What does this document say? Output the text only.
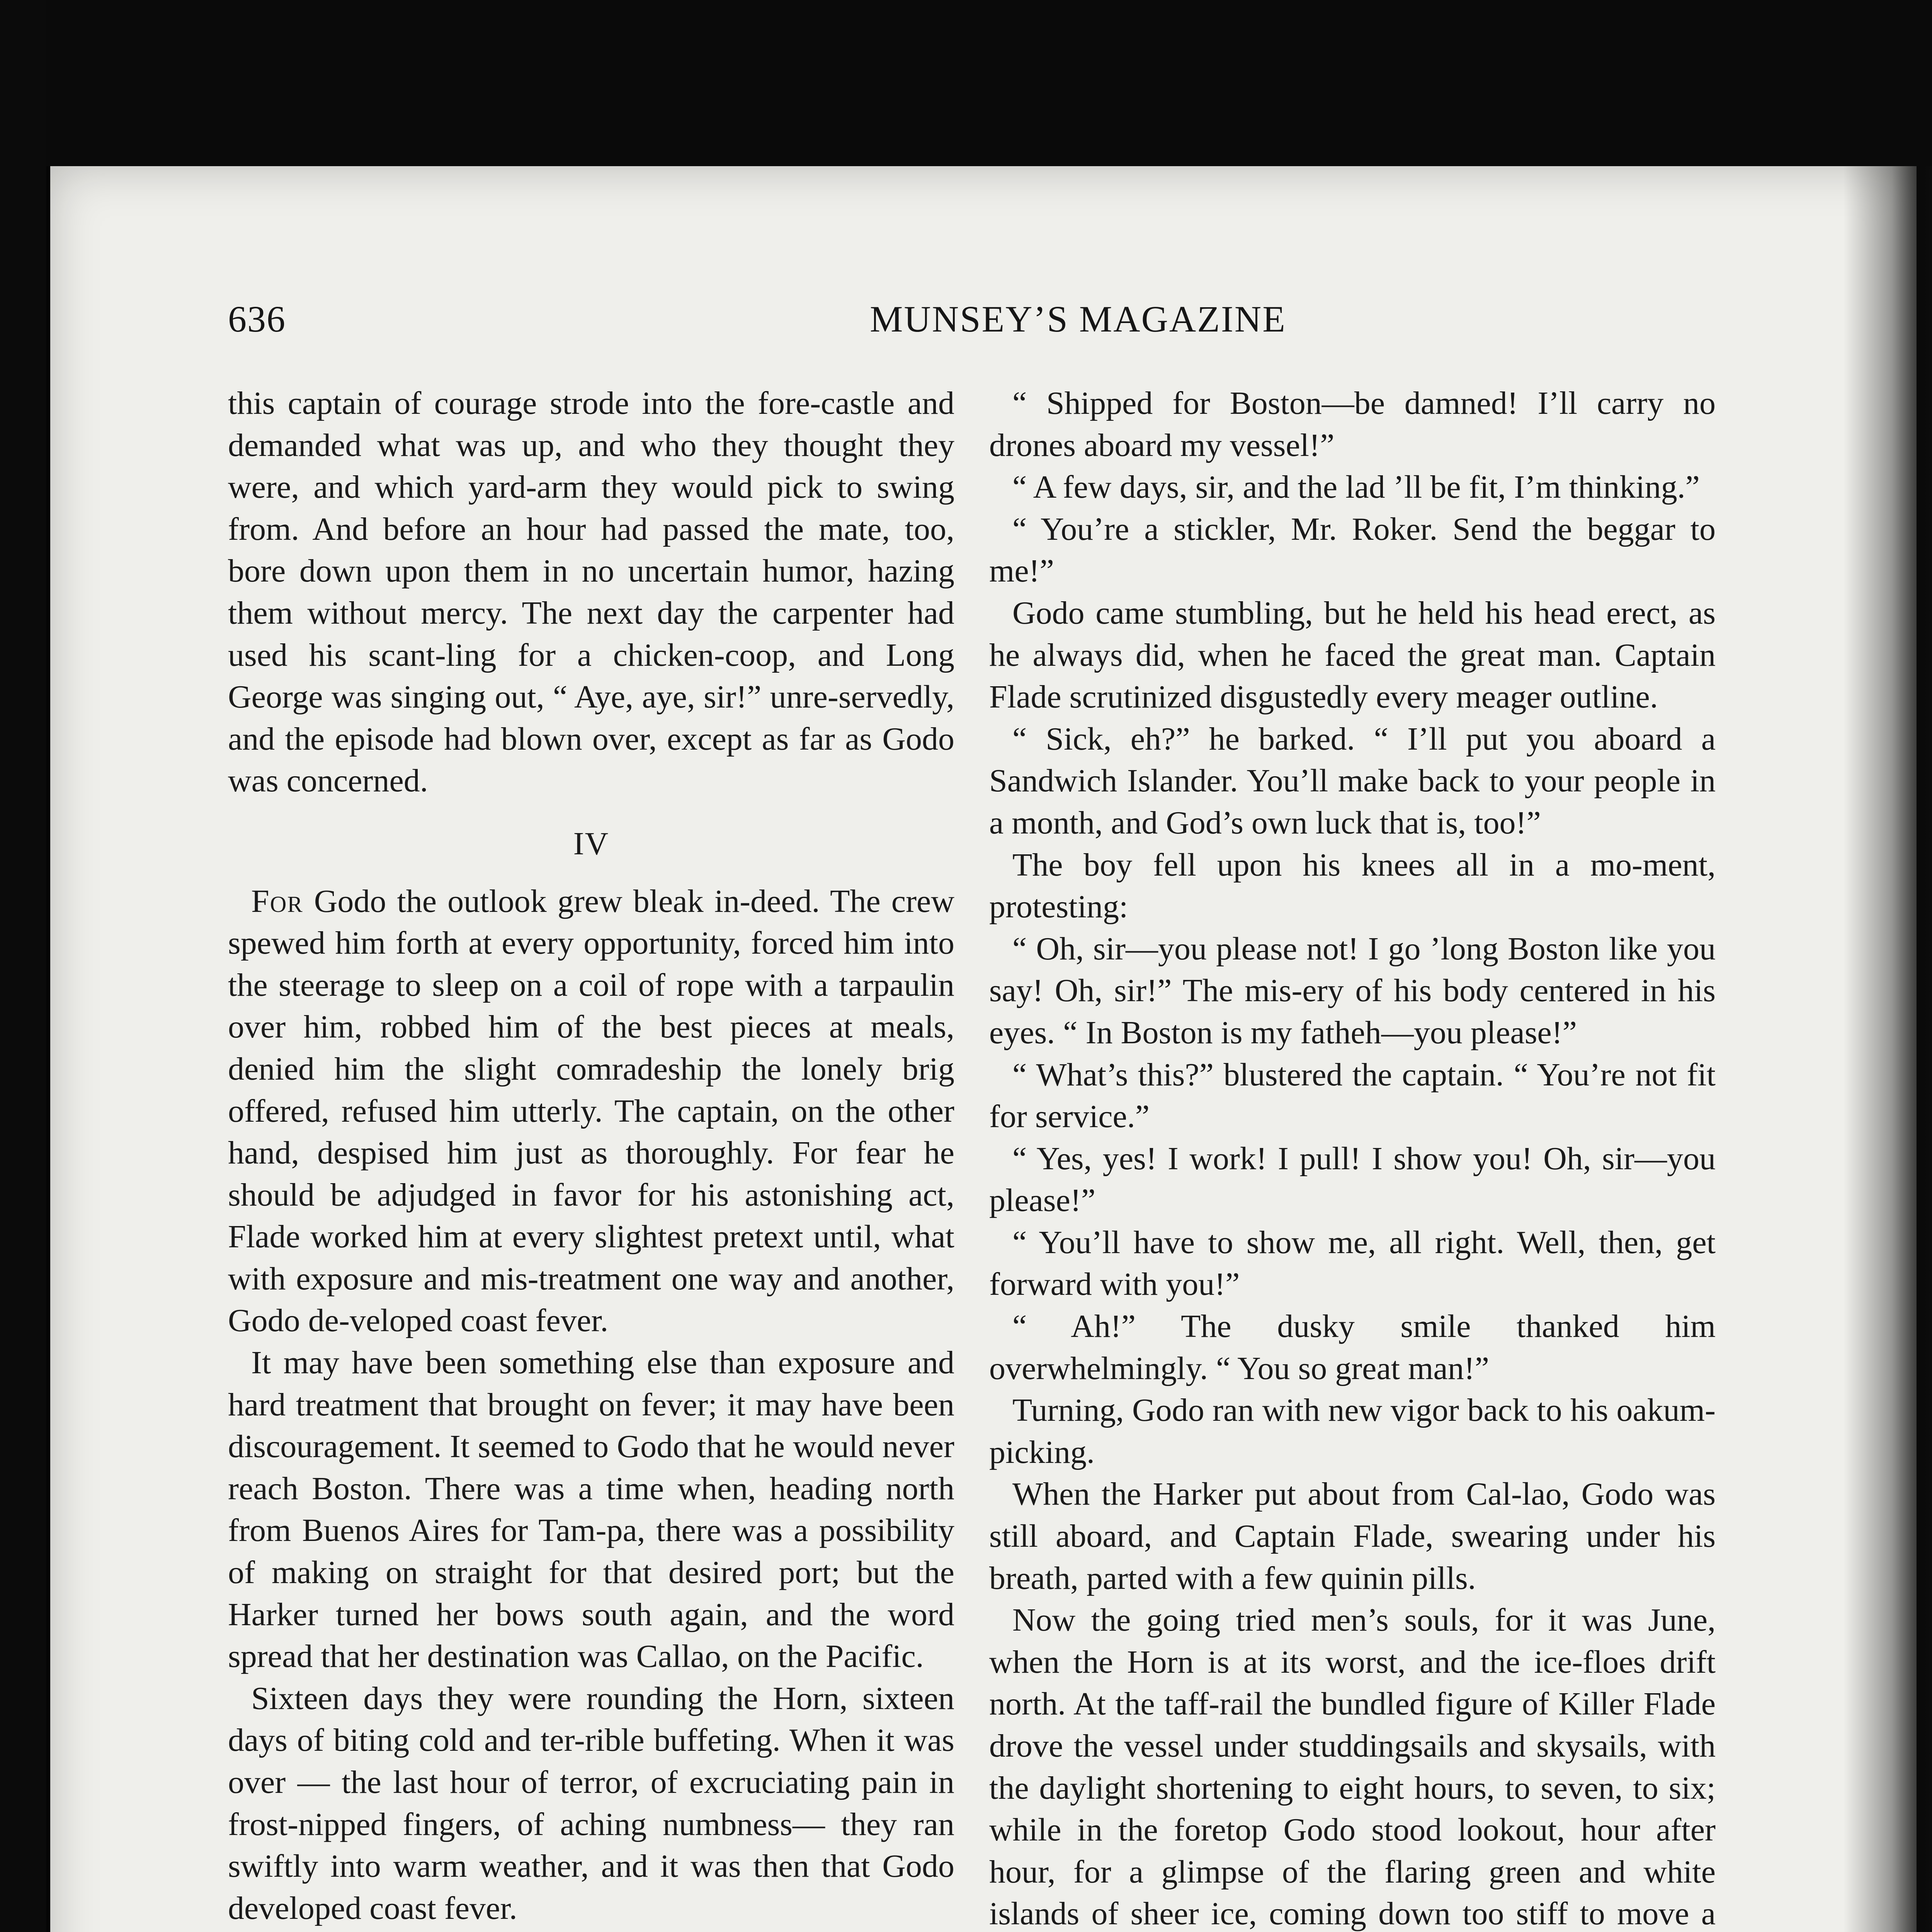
636	MUNSEY’S MAGAZINE

this captain of courage strode into the fore-castle and demanded what was up, and who they thought they were, and which yard-arm they would pick to swing from. And before an hour had passed the mate, too, bore down upon them in no uncertain humor, hazing them without mercy. The next day the carpenter had used his scant-ling for a chicken-coop, and Long George was singing out, “ Aye, aye, sir!” unre-servedly, and the episode had blown over, except as far as Godo was concerned.

IV

For Godo the outlook grew bleak in-deed. The crew spewed him forth at every opportunity, forced him into the steerage to sleep on a coil of rope with a tarpaulin over him, robbed him of the best pieces at meals, denied him the slight comradeship the lonely brig offered, refused him utterly. The captain, on the other hand, despised him just as thoroughly. For fear he should be adjudged in favor for his astonishing act, Flade worked him at every slightest pretext until, what with exposure and mis-treatment one way and another, Godo de-veloped coast fever.

It may have been something else than exposure and hard treatment that brought on fever; it may have been discouragement. It seemed to Godo that he would never reach Boston. There was a time when, heading north from Buenos Aires for Tam-pa, there was a possibility of making on straight for that desired port; but the Harker turned her bows south again, and the word spread that her destination was Callao, on the Pacific.

Sixteen days they were rounding the Horn, sixteen days of biting cold and ter-rible buffeting. When it was over — the last hour of terror, of excruciating pain in frost-nipped fingers, of aching numbness— they ran swiftly into warm weather, and it was then that Godo developed coast fever.

“ Shipped for Boston—be damned! I’ll carry no drones aboard my vessel!”

“ A few days, sir, and the lad ’ll be fit, I’m thinking.”

“ You’re a stickler, Mr. Roker. Send the beggar to me!”

Godo came stumbling, but he held his head erect, as he always did, when he faced the great man. Captain Flade scrutinized disgustedly every meager outline.

“ Sick, eh?” he barked. “ I’ll put you aboard a Sandwich Islander. You’ll make back to your people in a month, and God’s own luck that is, too!”

The boy fell upon his knees all in a mo-ment, protesting:

“ Oh, sir—you please not! I go ’long Boston like you say! Oh, sir!” The mis-ery of his body centered in his eyes. “ In Boston is my fatheh—you please!”

“ What’s this?” blustered the captain. “ You’re not fit for service.”

“ Yes, yes! I work! I pull! I show you! Oh, sir—you please!”

“ You’ll have to show me, all right. Well, then, get forward with you!”

“ Ah!” The dusky smile thanked him overwhelmingly. “ You so great man!”

Turning, Godo ran with new vigor back to his oakum-picking.

When the Harker put about from Cal-lao, Godo was still aboard, and Captain Flade, swearing under his breath, parted with a few quinin pills.

Now the going tried men’s souls, for it was June, when the Horn is at its worst, and the ice-floes drift north. At the taff-rail the bundled figure of Killer Flade drove the vessel under studdingsails and skysails, with the daylight shortening to eight hours, to seven, to six; while in the foretop Godo stood lookout, hour after hour, for a glimpse of the flaring green and white islands of sheer ice, coming down too stiff to move a
